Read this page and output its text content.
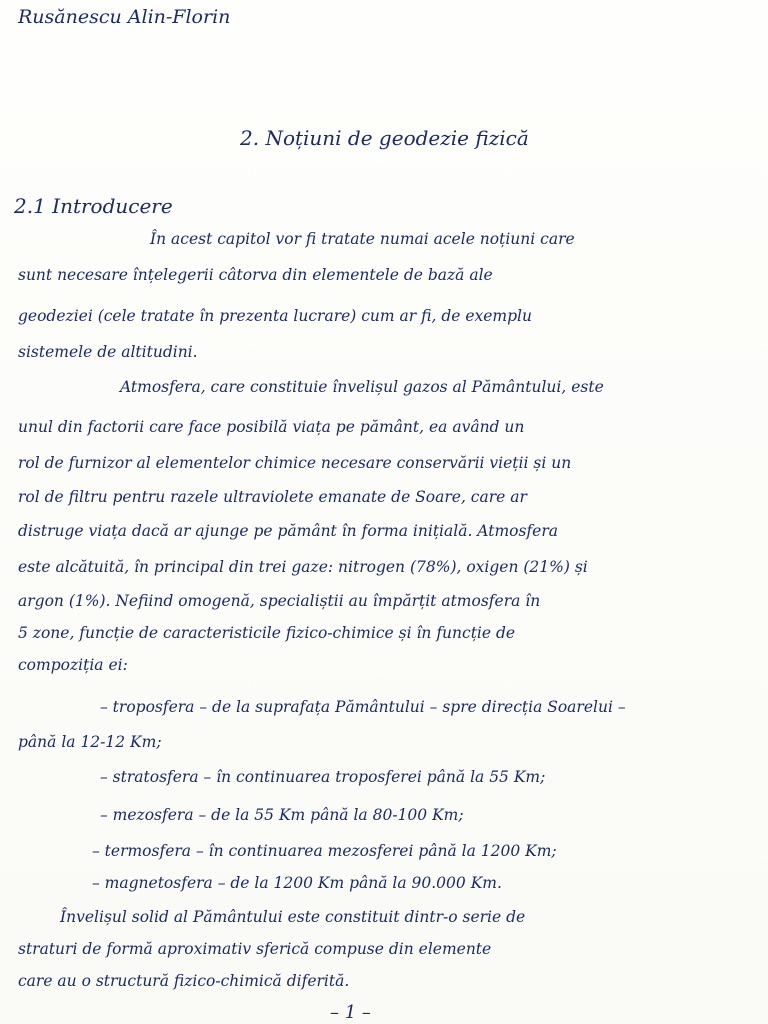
Rusănescu Alin-Florin
2. Noțiuni de geodezie fizică
2.1 Introducere
În acest capitol vor fi tratate numai acele noțiuni care
sunt necesare înțelegerii câtorva din elementele de bază ale
geodeziei (cele tratate în prezenta lucrare) cum ar fi, de exemplu
sistemele de altitudini.
Atmosfera, care constituie învelișul gazos al Pământului, este
unul din factorii care face posibilă viața pe pământ, ea având un
rol de furnizor al elementelor chimice necesare conservării vieții și un
rol de filtru pentru razele ultraviolete emanate de Soare, care ar
distruge viața dacă ar ajunge pe pământ în forma inițială. Atmosfera
este alcătuită, în principal din trei gaze: nitrogen (78%), oxigen (21%) și
argon (1%). Nefiind omogenă, specialiștii au împărțit atmosfera în
5 zone, funcție de caracteristicile fizico-chimice și în funcție de
compoziția ei:
– troposfera – de la suprafața Pământului – spre direcția Soarelui –
până la 12-12 Km;
– stratosfera – în continuarea troposferei până la 55 Km;
– mezosfera – de la 55 Km până la 80-100 Km;
– termosfera – în continuarea mezosferei până la 1200 Km;
– magnetosfera – de la 1200 Km până la 90.000 Km.
Învelișul solid al Pământului este constituit dintr-o serie de
straturi de formă aproximativ sferică compuse din elemente
care au o structură fizico-chimică diferită.
– 1 –
